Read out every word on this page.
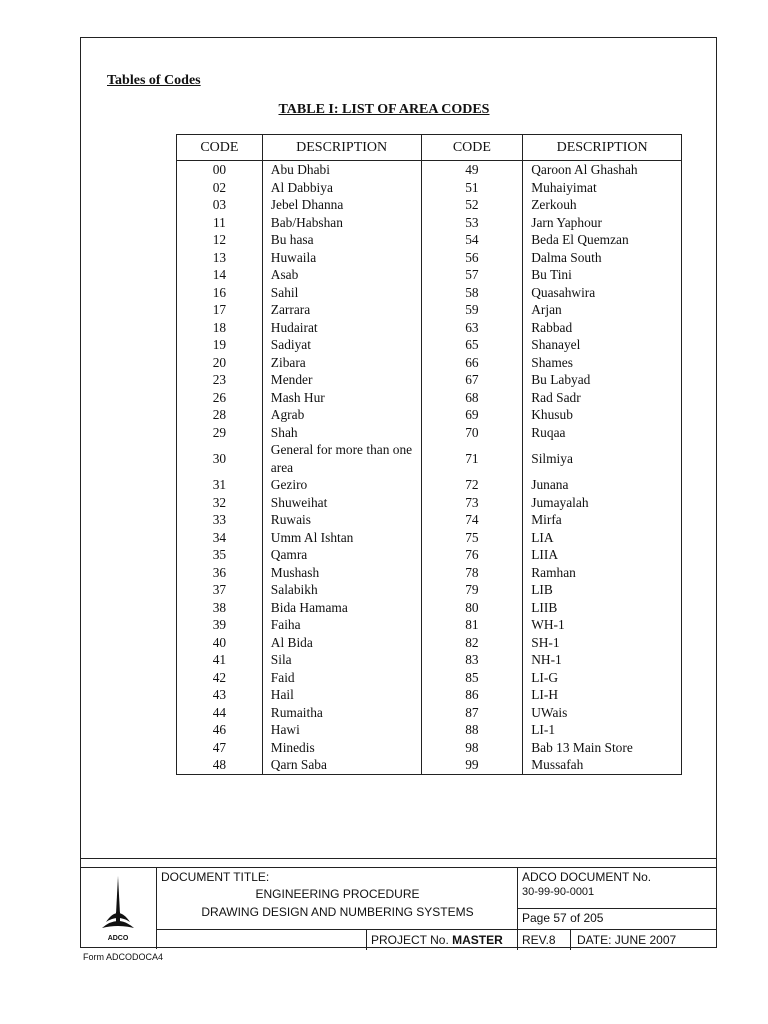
Tables of Codes
TABLE I: LIST OF AREA CODES
CODE	DESCRIPTION	CODE	DESCRIPTION
00	Abu Dhabi	49	Qaroon Al Ghashah
02	Al Dabbiya	51	Muhaiyimat
03	Jebel Dhanna	52	Zerkouh
11	Bab/Habshan	53	Jarn Yaphour
12	Bu hasa	54	Beda El Quemzan
13	Huwaila	56	Dalma South
14	Asab	57	Bu Tini
16	Sahil	58	Quasahwira
17	Zarrara	59	Arjan
18	Hudairat	63	Rabbad
19	Sadiyat	65	Shanayel
20	Zibara	66	Shames
23	Mender	67	Bu Labyad
26	Mash Hur	68	Rad Sadr
28	Agrab	69	Khusub
29	Shah	70	Ruqaa
30	General for more than one area	71	Silmiya
31	Geziro	72	Junana
32	Shuweihat	73	Jumayalah
33	Ruwais	74	Mirfa
34	Umm Al Ishtan	75	LIA
35	Qamra	76	LIIA
36	Mushash	78	Ramhan
37	Salabikh	79	LIB
38	Bida Hamama	80	LIIB
39	Faiha	81	WH-1
40	Al Bida	82	SH-1
41	Sila	83	NH-1
42	Faid	85	LI-G
43	Hail	86	LI-H
44	Rumaitha	87	UWais
46	Hawi	88	LI-1
47	Minedis	98	Bab 13 Main Store
48	Qarn Saba	99	Mussafah
ADCO
DOCUMENT TITLE:
ENGINEERING PROCEDURE
DRAWING DESIGN AND NUMBERING SYSTEMS
ADCO DOCUMENT No.
30-99-90-0001
Page 57 of 205
PROJECT No. MASTER REV.8 DATE: JUNE 2007
Form ADCODOCA4
